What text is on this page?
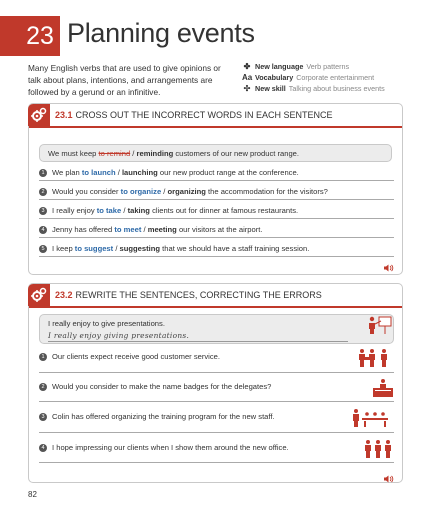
23 Planning events

Many English verbs that are used to give opinions or talk about plans, intentions, and arrangements are followed by a gerund or an infinitive.

✤ New language Verb patterns
Aa Vocabulary Corporate entertainment
✣ New skill Talking about business events
23.1 CROSS OUT THE INCORRECT WORDS IN EACH SENTENCE
We must keep to remind / reminding customers of our new product range.
1 We plan to launch / launching our new product range at the conference.
2 Would you consider to organize / organizing the accommodation for the visitors?
3 I really enjoy to take / taking clients out for dinner at famous restaurants.
4 Jenny has offered to meet / meeting our visitors at the airport.
5 I keep to suggest / suggesting that we should have a staff training session.
23.2 REWRITE THE SENTENCES, CORRECTING THE ERRORS
I really enjoy to give presentations.
I really enjoy giving presentations.
1 Our clients expect receive good customer service.
2 Would you consider to make the name badges for the delegates?
3 Colin has offered organizing the training program for the new staff.
4 I hope impressing our clients when I show them around the new office.
82
